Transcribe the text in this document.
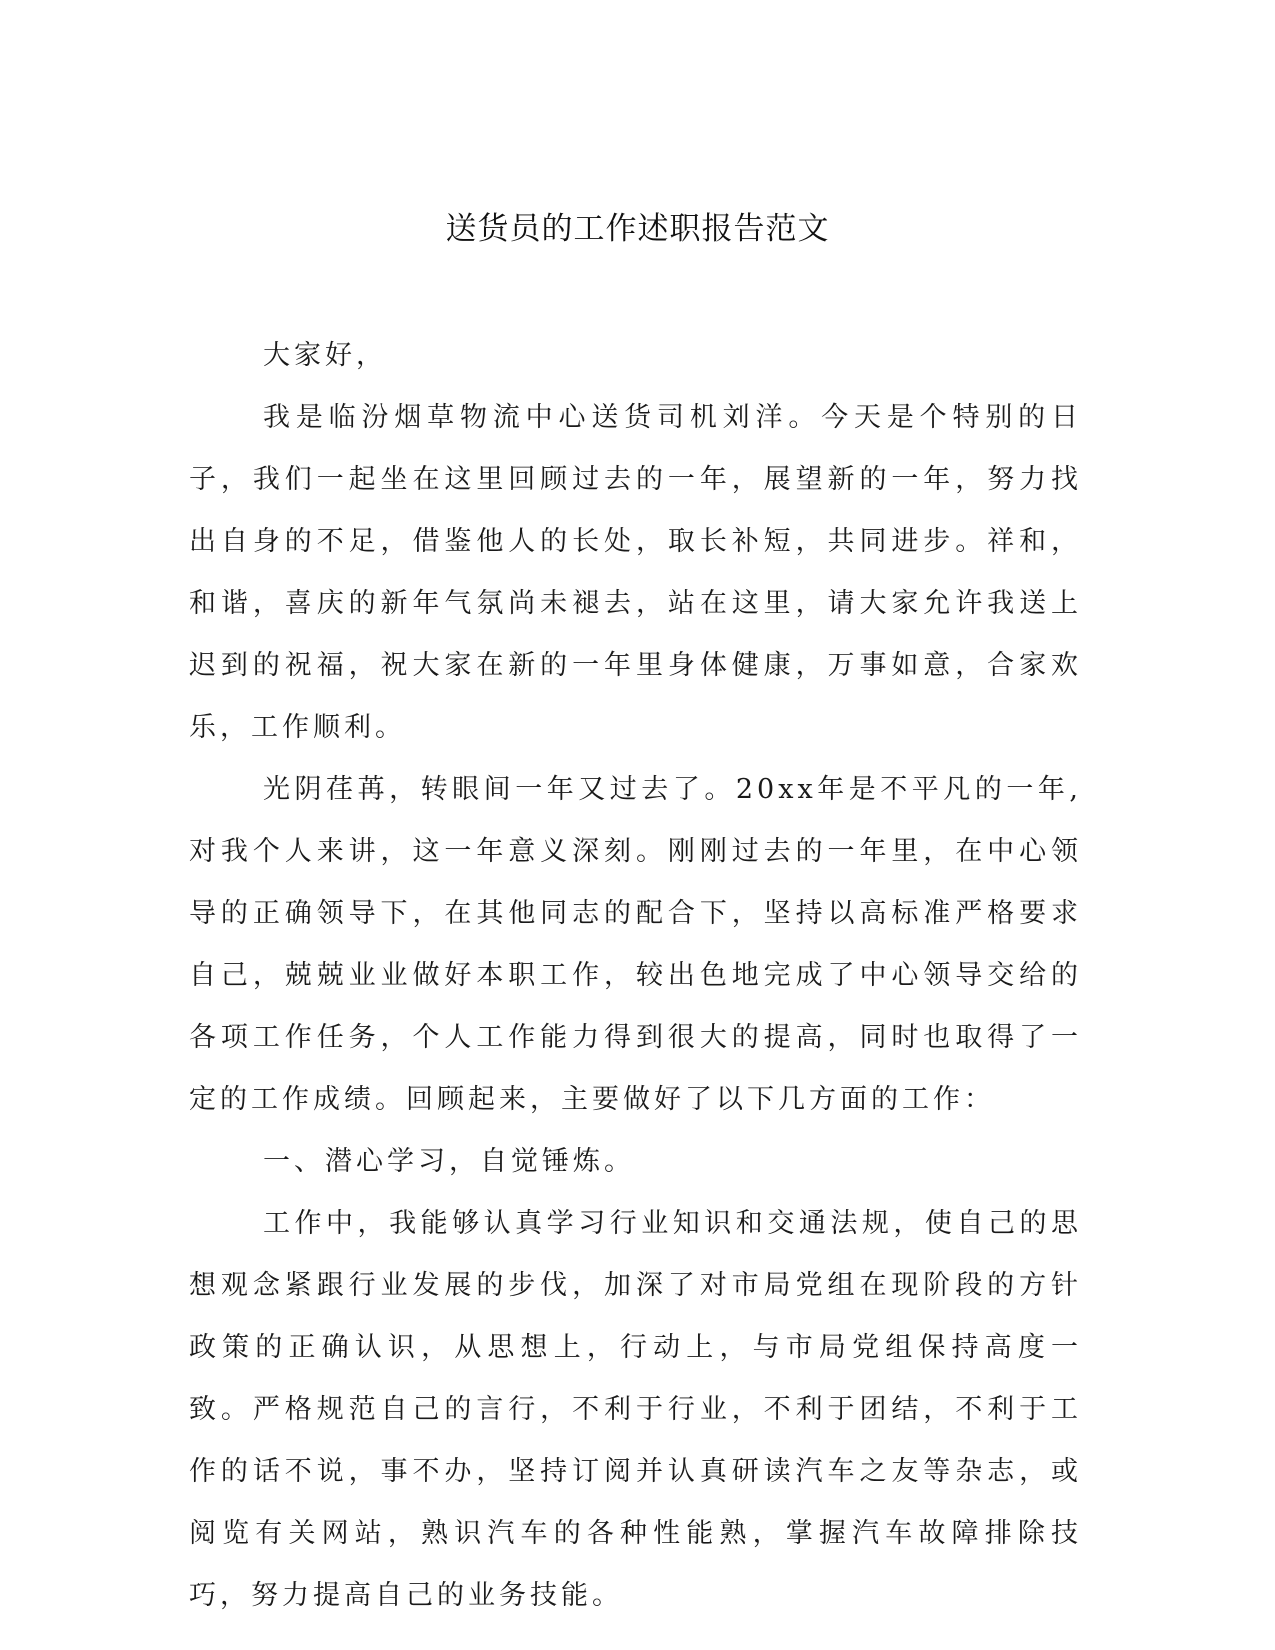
送货员的工作述职报告范文

大家好，

我是临汾烟草物流中心送货司机刘洋。今天是个特别的日子，我们一起坐在这里回顾过去的一年，展望新的一年，努力找出自身的不足，借鉴他人的长处，取长补短，共同进步。祥和，和谐，喜庆的新年气氛尚未褪去，站在这里，请大家允许我送上迟到的祝福，祝大家在新的一年里身体健康，万事如意，合家欢乐，工作顺利。

光阴荏苒，转眼间一年又过去了。20xx年是不平凡的一年,对我个人来讲，这一年意义深刻。刚刚过去的一年里，在中心领导的正确领导下，在其他同志的配合下，坚持以高标准严格要求自己，兢兢业业做好本职工作，较出色地完成了中心领导交给的各项工作任务，个人工作能力得到很大的提高，同时也取得了一定的工作成绩。回顾起来，主要做好了以下几方面的工作：

一、潜心学习，自觉锤炼。

工作中，我能够认真学习行业知识和交通法规，使自己的思想观念紧跟行业发展的步伐，加深了对市局党组在现阶段的方针政策的正确认识，从思想上，行动上，与市局党组保持高度一致。严格规范自己的言行，不利于行业，不利于团结，不利于工作的话不说，事不办，坚持订阅并认真研读汽车之友等杂志，或阅览有关网站，熟识汽车的各种性能熟，掌握汽车故障排除技巧，努力提高自己的业务技能。
